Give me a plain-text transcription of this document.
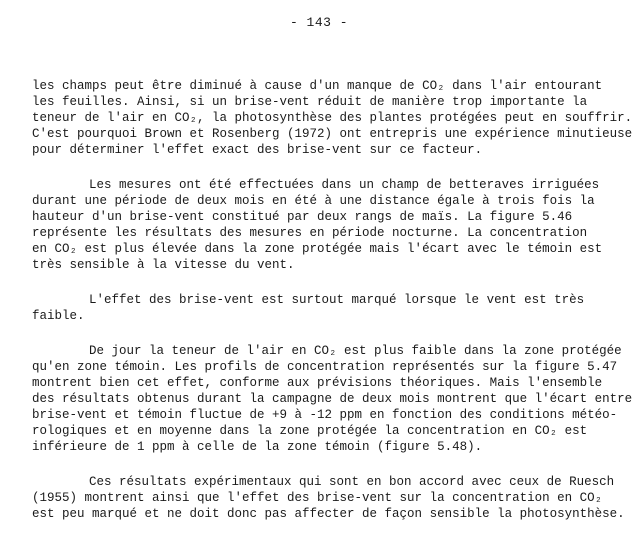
- 143 -

les champs peut être diminué à cause d'un manque de CO₂ dans l'air entourant
les feuilles. Ainsi, si un brise-vent réduit de manière trop importante la
teneur de l'air en CO₂, la photosynthèse des plantes protégées peut en souffrir.
C'est pourquoi Brown et Rosenberg (1972) ont entrepris une expérience minutieuse
pour déterminer l'effet exact des brise-vent sur ce facteur.

Les mesures ont été effectuées dans un champ de betteraves irriguées
durant une période de deux mois en été à une distance égale à trois fois la
hauteur d'un brise-vent constitué par deux rangs de maïs. La figure 5.46
représente les résultats des mesures en période nocturne. La concentration
en CO₂ est plus élevée dans la zone protégée mais l'écart avec le témoin est
très sensible à la vitesse du vent.

L'effet des brise-vent est surtout marqué lorsque le vent est très
faible.

De jour la teneur de l'air en CO₂ est plus faible dans la zone protégée
qu'en zone témoin. Les profils de concentration représentés sur la figure 5.47
montrent bien cet effet, conforme aux prévisions théoriques. Mais l'ensemble
des résultats obtenus durant la campagne de deux mois montrent que l'écart entre
brise-vent et témoin fluctue de +9 à -12 ppm en fonction des conditions météo-
rologiques et en moyenne dans la zone protégée la concentration en CO₂ est
inférieure de 1 ppm à celle de la zone témoin (figure 5.48).

Ces résultats expérimentaux qui sont en bon accord avec ceux de Ruesch
(1955) montrent ainsi que l'effet des brise-vent sur la concentration en CO₂
est peu marqué et ne doit donc pas affecter de façon sensible la photosynthèse.
